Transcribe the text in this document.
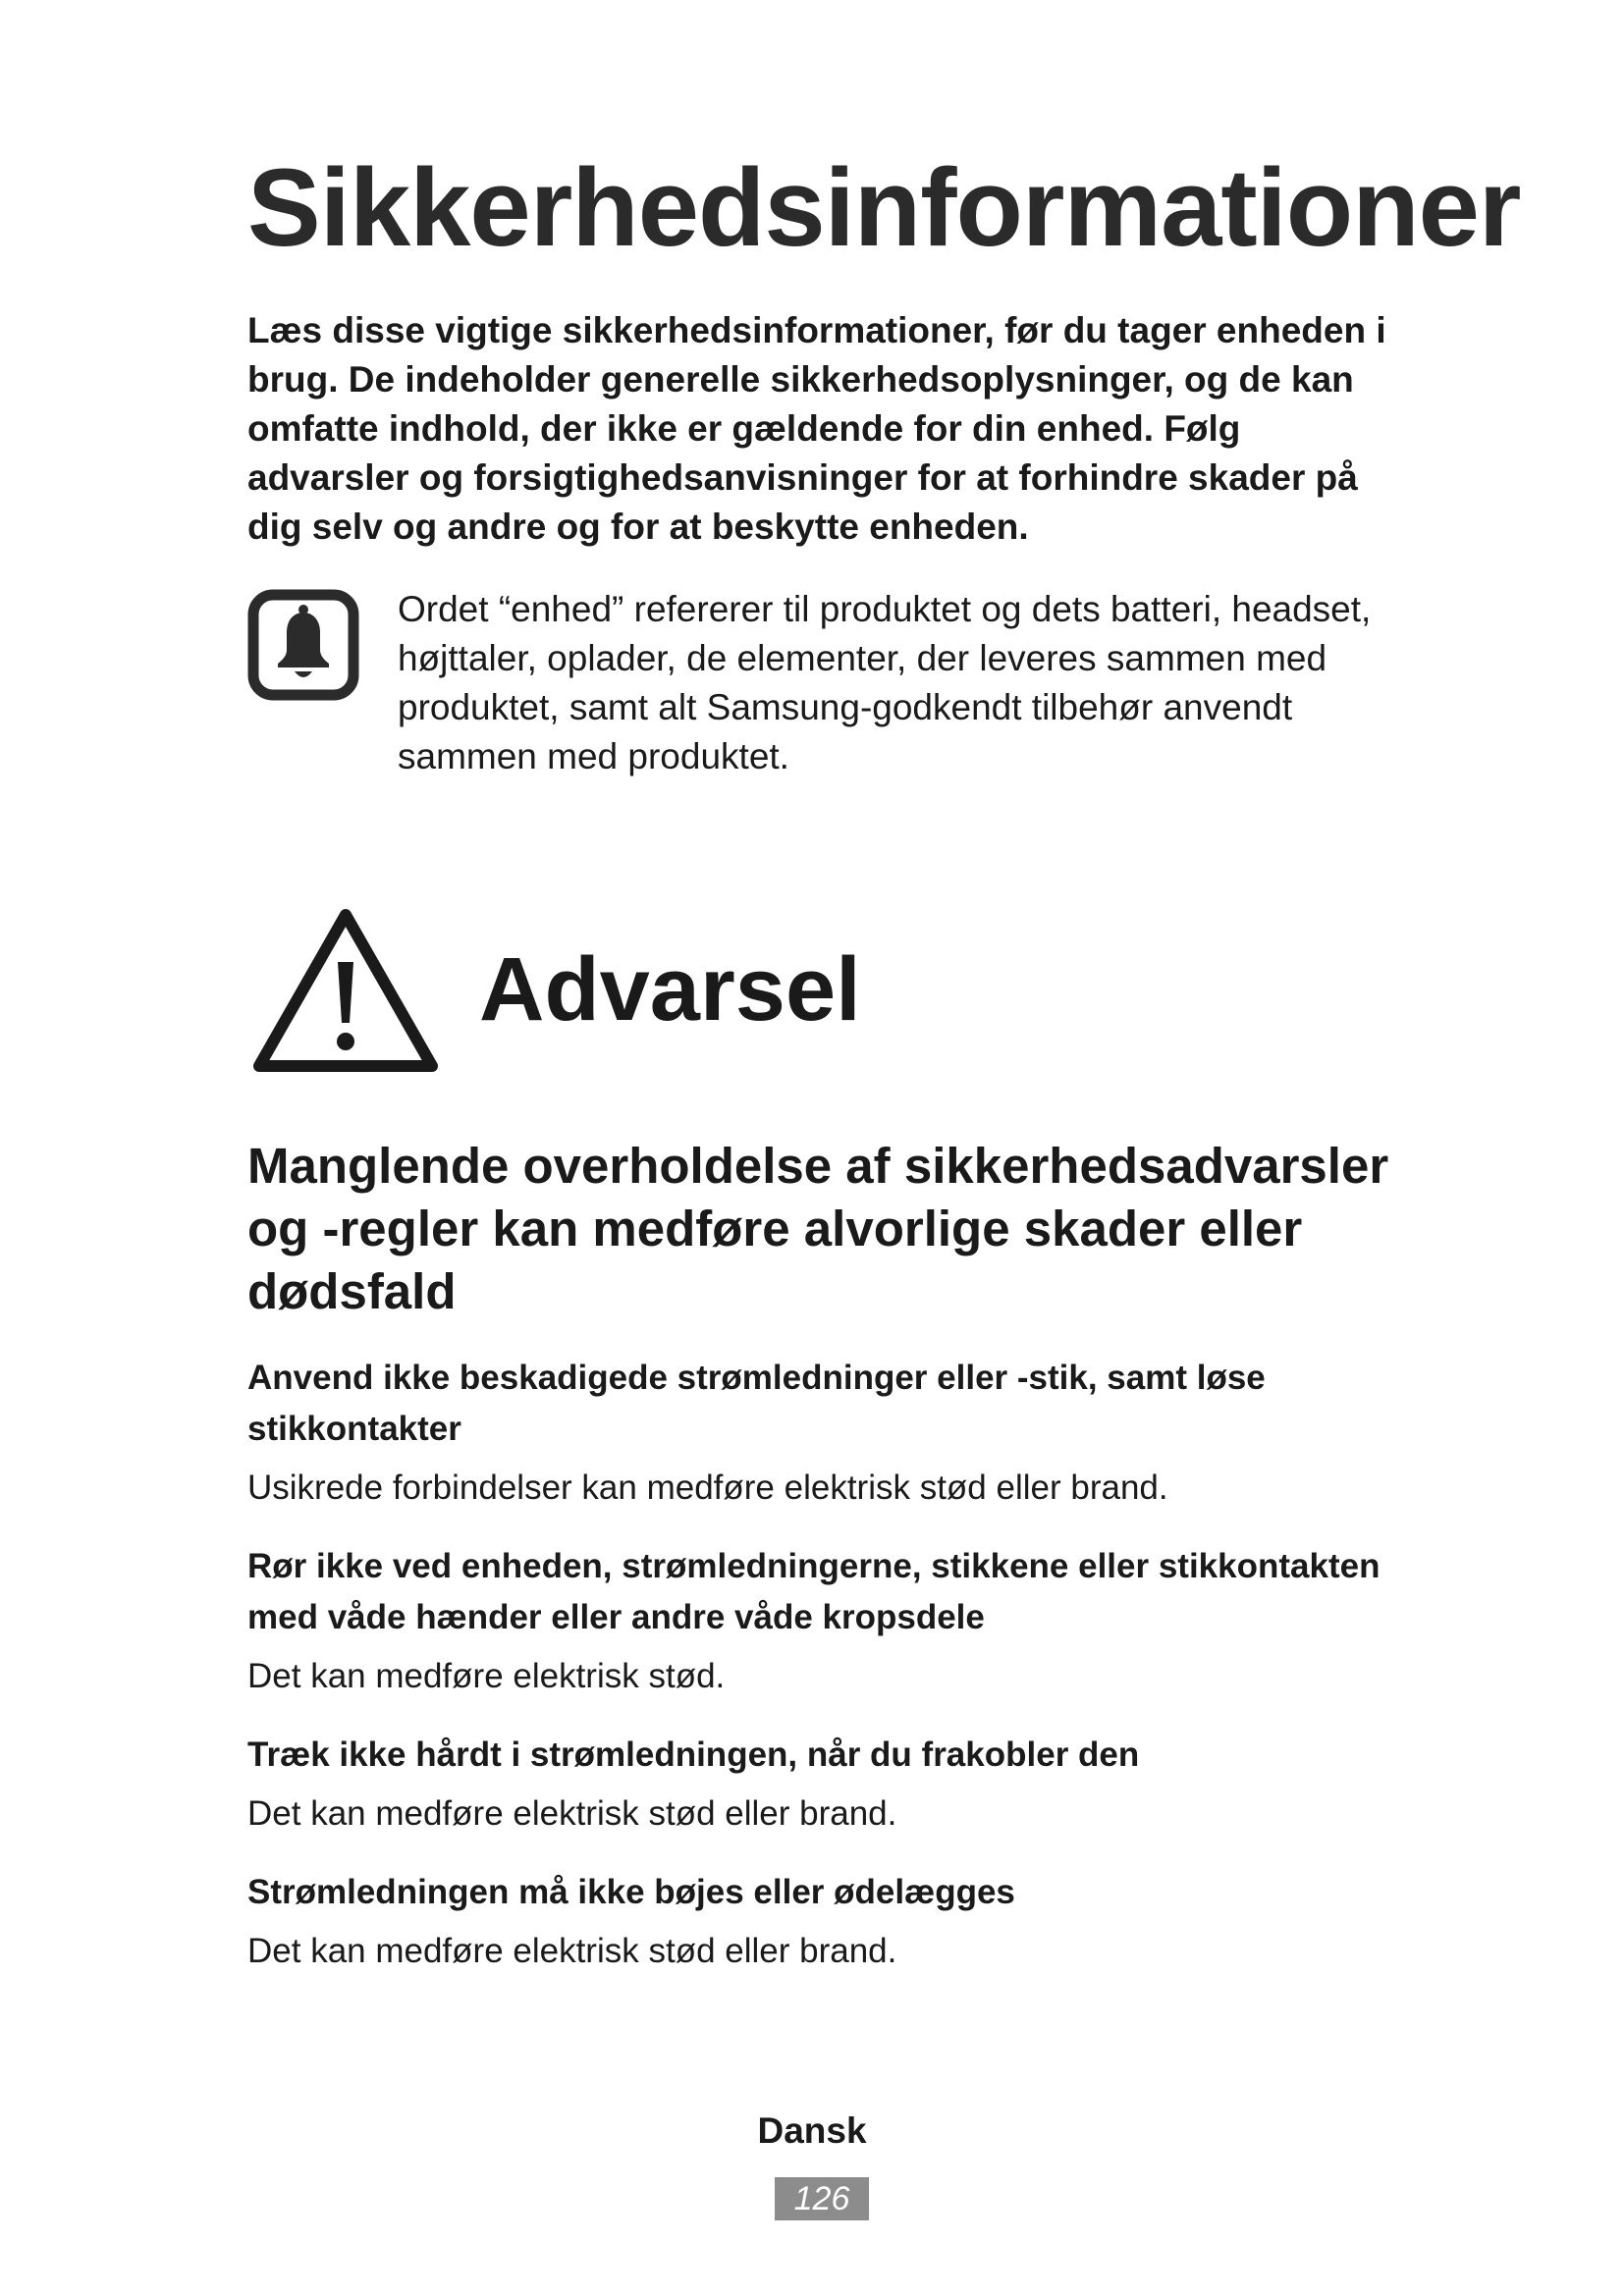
Sikkerhedsinformationer

Læs disse vigtige sikkerhedsinformationer, før du tager enheden i brug. De indeholder generelle sikkerhedsoplysninger, og de kan omfatte indhold, der ikke er gældende for din enhed. Følg advarsler og forsigtighedsanvisninger for at forhindre skader på dig selv og andre og for at beskytte enheden.

Ordet “enhed” refererer til produktet og dets batteri, headset, højttaler, oplader, de elementer, der leveres sammen med produktet, samt alt Samsung-godkendt tilbehør anvendt sammen med produktet.

Advarsel
Manglende overholdelse af sikkerhedsadvarsler og -regler kan medføre alvorlige skader eller dødsfald

Anvend ikke beskadigede strømledninger eller -stik, samt løse stikkontakter

Usikrede forbindelser kan medføre elektrisk stød eller brand.

Rør ikke ved enheden, strømledningerne, stikkene eller stikkontakten med våde hænder eller andre våde kropsdele

Det kan medføre elektrisk stød.

Træk ikke hårdt i strømledningen, når du frakobler den

Det kan medføre elektrisk stød eller brand.

Strømledningen må ikke bøjes eller ødelægges

Det kan medføre elektrisk stød eller brand.

Dansk

126
